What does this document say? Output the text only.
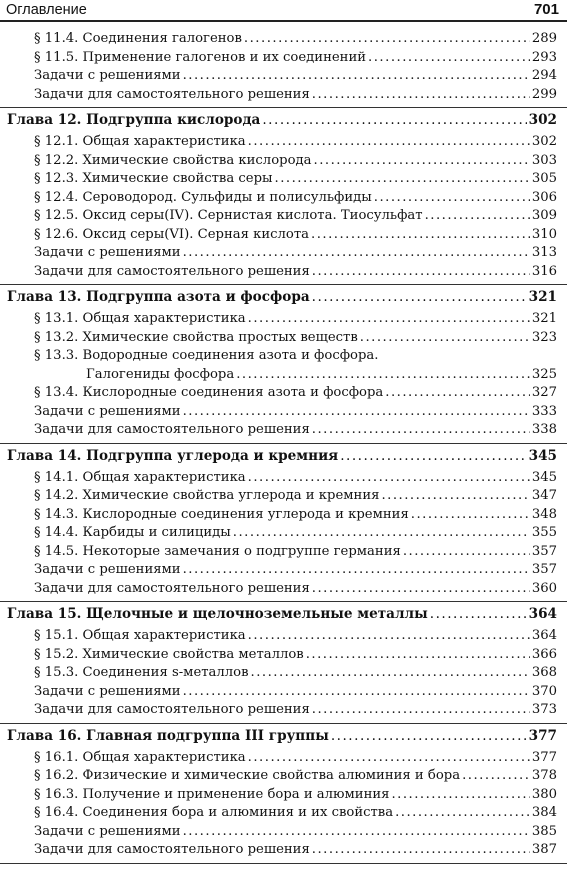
Оглавление	701
§ 11.4. Соединения галогенов .....	289
§ 11.5. Применение галогенов и их соединений .....	293
Задачи с решениями .....	294
Задачи для самостоятельного решения .....	299
Глава 12. Подгруппа кислорода .....	302
§ 12.1. Общая характеристика .....	302
§ 12.2. Химические свойства кислорода .....	303
§ 12.3. Химические свойства серы .....	305
§ 12.4. Сероводород. Сульфиды и полисульфиды .....	306
§ 12.5. Оксид серы(IV). Сернистая кислота. Тиосульфат .....	309
§ 12.6. Оксид серы(VI). Серная кислота .....	310
Задачи с решениями .....	313
Задачи для самостоятельного решения .....	316
Глава 13. Подгруппа азота и фосфора .....	321
§ 13.1. Общая характеристика .....	321
§ 13.2. Химические свойства простых веществ .....	323
§ 13.3. Водородные соединения азота и фосфора.
Галогениды фосфора .....	325
§ 13.4. Кислородные соединения азота и фосфора .....	327
Задачи с решениями .....	333
Задачи для самостоятельного решения .....	338
Глава 14. Подгруппа углерода и кремния .....	345
§ 14.1. Общая характеристика .....	345
§ 14.2. Химические свойства углерода и кремния .....	347
§ 14.3. Кислородные соединения углерода и кремния .....	348
§ 14.4. Карбиды и силициды .....	355
§ 14.5. Некоторые замечания о подгруппе германия .....	357
Задачи с решениями .....	357
Задачи для самостоятельного решения .....	360
Глава 15. Щелочные и щелочноземельные металлы .....	364
§ 15.1. Общая характеристика .....	364
§ 15.2. Химические свойства металлов .....	366
§ 15.3. Соединения s-металлов .....	368
Задачи с решениями .....	370
Задачи для самостоятельного решения .....	373
Глава 16. Главная подгруппа III группы .....	377
§ 16.1. Общая характеристика .....	377
§ 16.2. Физические и химические свойства алюминия и бора .....	378
§ 16.3. Получение и применение бора и алюминия .....	380
§ 16.4. Соединения бора и алюминия и их свойства .....	384
Задачи с решениями .....	385
Задачи для самостоятельного решения .....	387
